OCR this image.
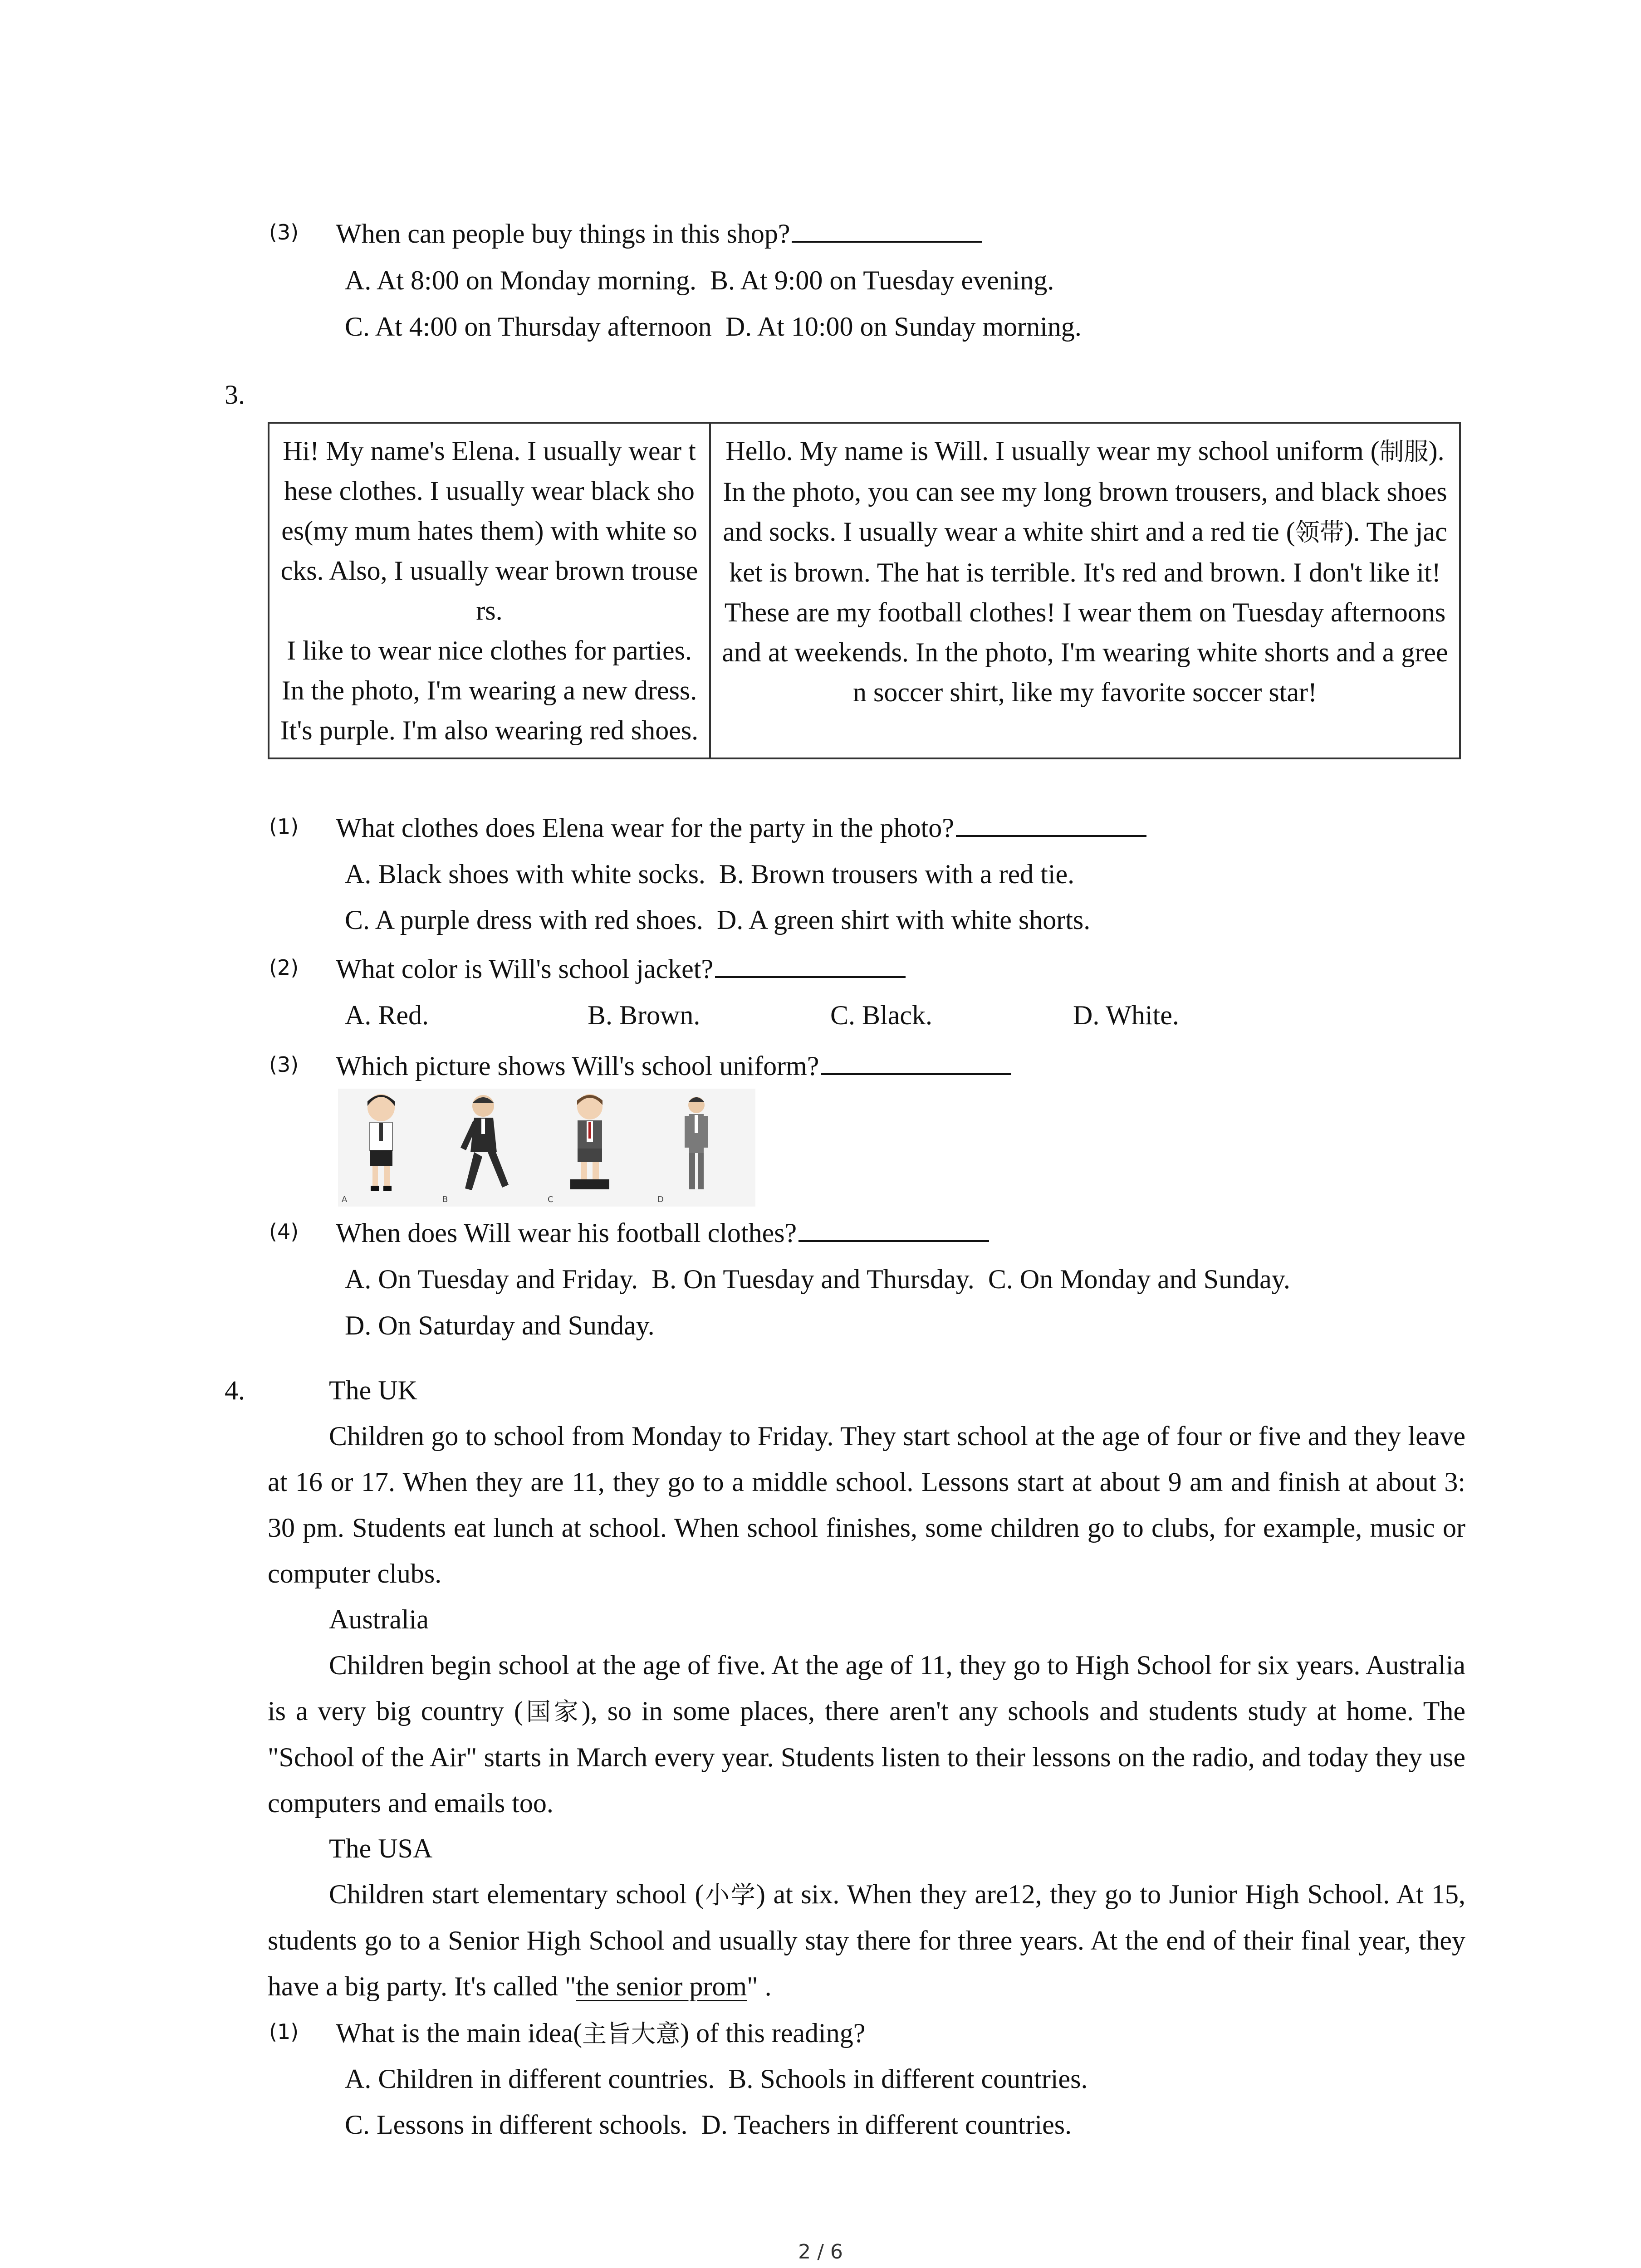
(3) When can people buy things in this shop?
A. At 8:00 on Monday morning. B. At 9:00 on Tuesday evening.
C. At 4:00 on Thursday afternoon D. At 10:00 on Sunday morning.
3.
Hi! My name's Elena. I usually wear these clothes. I usually wear black shoes(my mum hates them) with white socks. Also, I usually wear brown trousers.
I like to wear nice clothes for parties. In the photo, I'm wearing a new dress. It's purple. I'm also wearing red shoes.

Hello. My name is Will. I usually wear my school uniform (制服). In the photo, you can see my long brown trousers, and black shoes and socks. I usually wear a white shirt and a red tie (领带). The jacket is brown. The hat is terrible. It's red and brown. I don't like it!
These are my football clothes! I wear them on Tuesday afternoons and at weekends. In the photo, I'm wearing white shorts and a green soccer shirt, like my favorite soccer star!
(1) What clothes does Elena wear for the party in the photo?
A. Black shoes with white socks. B. Brown trousers with a red tie.
C. A purple dress with red shoes. D. A green shirt with white shorts.
(2) What color is Will's school jacket?
A. Red.	B. Brown.	C. Black.	D. White.
(3) Which picture shows Will's school uniform?
A	B	C	D
(4) When does Will wear his football clothes?
A. On Tuesday and Friday. B. On Tuesday and Thursday. C. On Monday and Sunday.
D. On Saturday and Sunday.
4.	The UK
Children go to school from Monday to Friday. They start school at the age of four or five and they leave at 16 or 17. When they are 11, they go to a middle school. Lessons start at about 9 am and finish at about 3: 30 pm. Students eat lunch at school. When school finishes, some children go to clubs, for example, music or computer clubs.
Australia
Children begin school at the age of five. At the age of 11, they go to High School for six years. Australia is a very big country (国家), so in some places, there aren't any schools and students study at home. The "School of the Air" starts in March every year. Students listen to their lessons on the radio, and today they use computers and emails too.
The USA
Children start elementary school (小学) at six. When they are12, they go to Junior High School. At 15, students go to a Senior High School and usually stay there for three years. At the end of their final year, they have a big party. It's called "the senior prom" .
(1) What is the main idea(主旨大意) of this reading?
A. Children in different countries. B. Schools in different countries.
C. Lessons in different schools. D. Teachers in different countries.
2 / 6
